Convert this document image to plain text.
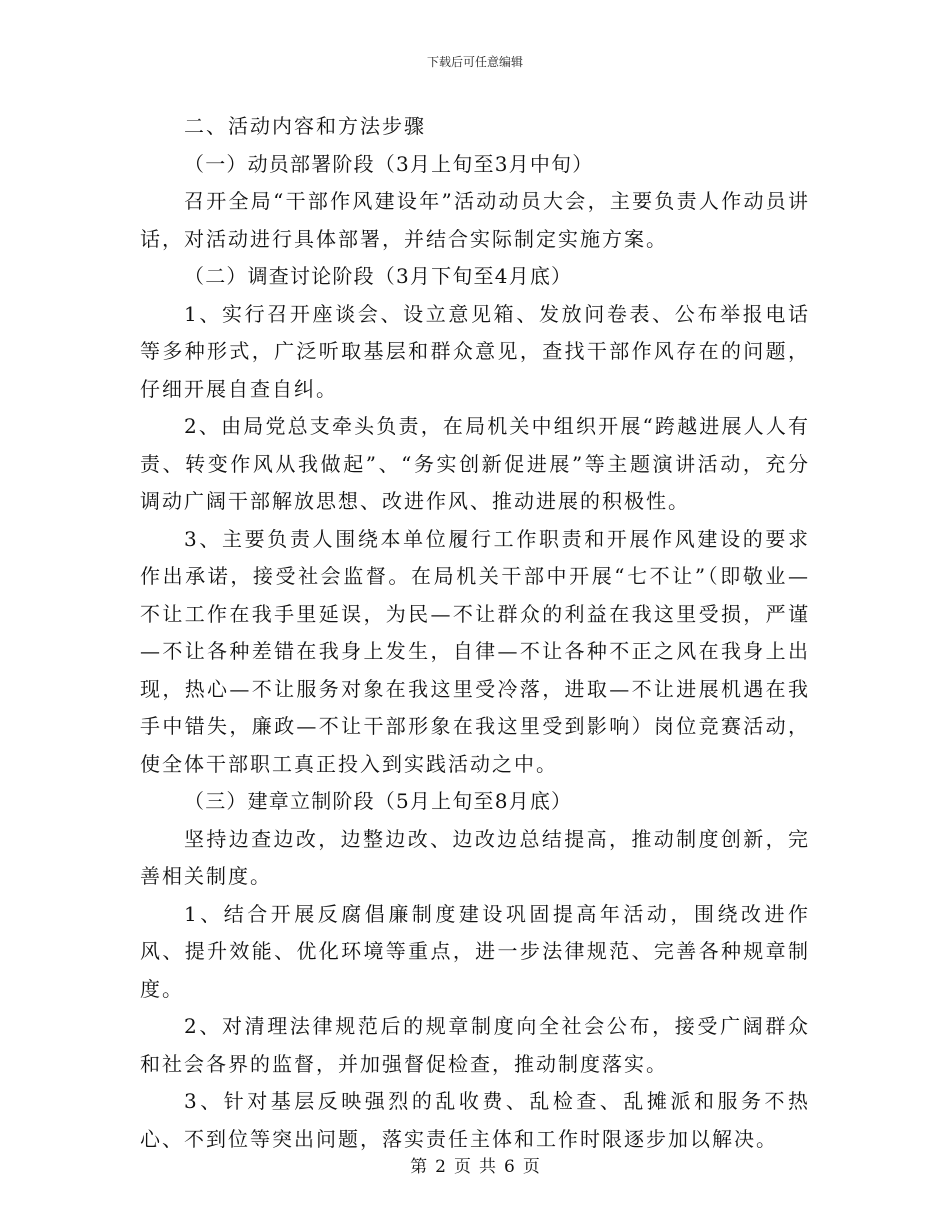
下载后可任意编辑

二、活动内容和方法步骤

（一）动员部署阶段（3月上旬至3月中旬）

召开全局“干部作风建设年”活动动员大会，主要负责人作动员讲话，对活动进行具体部署，并结合实际制定实施方案。

（二）调查讨论阶段（3月下旬至4月底）

1、实行召开座谈会、设立意见箱、发放问卷表、公布举报电话等多种形式，广泛听取基层和群众意见，查找干部作风存在的问题，仔细开展自查自纠。

2、由局党总支牵头负责，在局机关中组织开展“跨越进展人人有责、转变作风从我做起”、“务实创新促进展”等主题演讲活动，充分调动广阔干部解放思想、改进作风、推动进展的积极性。

3、主要负责人围绕本单位履行工作职责和开展作风建设的要求作出承诺，接受社会监督。在局机关干部中开展“七不让”（即敬业—不让工作在我手里延误，为民—不让群众的利益在我这里受损，严谨—不让各种差错在我身上发生，自律—不让各种不正之风在我身上出现，热心—不让服务对象在我这里受冷落，进取—不让进展机遇在我手中错失，廉政—不让干部形象在我这里受到影响）岗位竞赛活动，使全体干部职工真正投入到实践活动之中。

（三）建章立制阶段（5月上旬至8月底）

坚持边查边改，边整边改、边改边总结提高，推动制度创新，完善相关制度。

1、结合开展反腐倡廉制度建设巩固提高年活动，围绕改进作风、提升效能、优化环境等重点，进一步法律规范、完善各种规章制度。

2、对清理法律规范后的规章制度向全社会公布，接受广阔群众和社会各界的监督，并加强督促检查，推动制度落实。

3、针对基层反映强烈的乱收费、乱检查、乱摊派和服务不热心、不到位等突出问题，落实责任主体和工作时限逐步加以解决。

第 2 页 共 6 页
